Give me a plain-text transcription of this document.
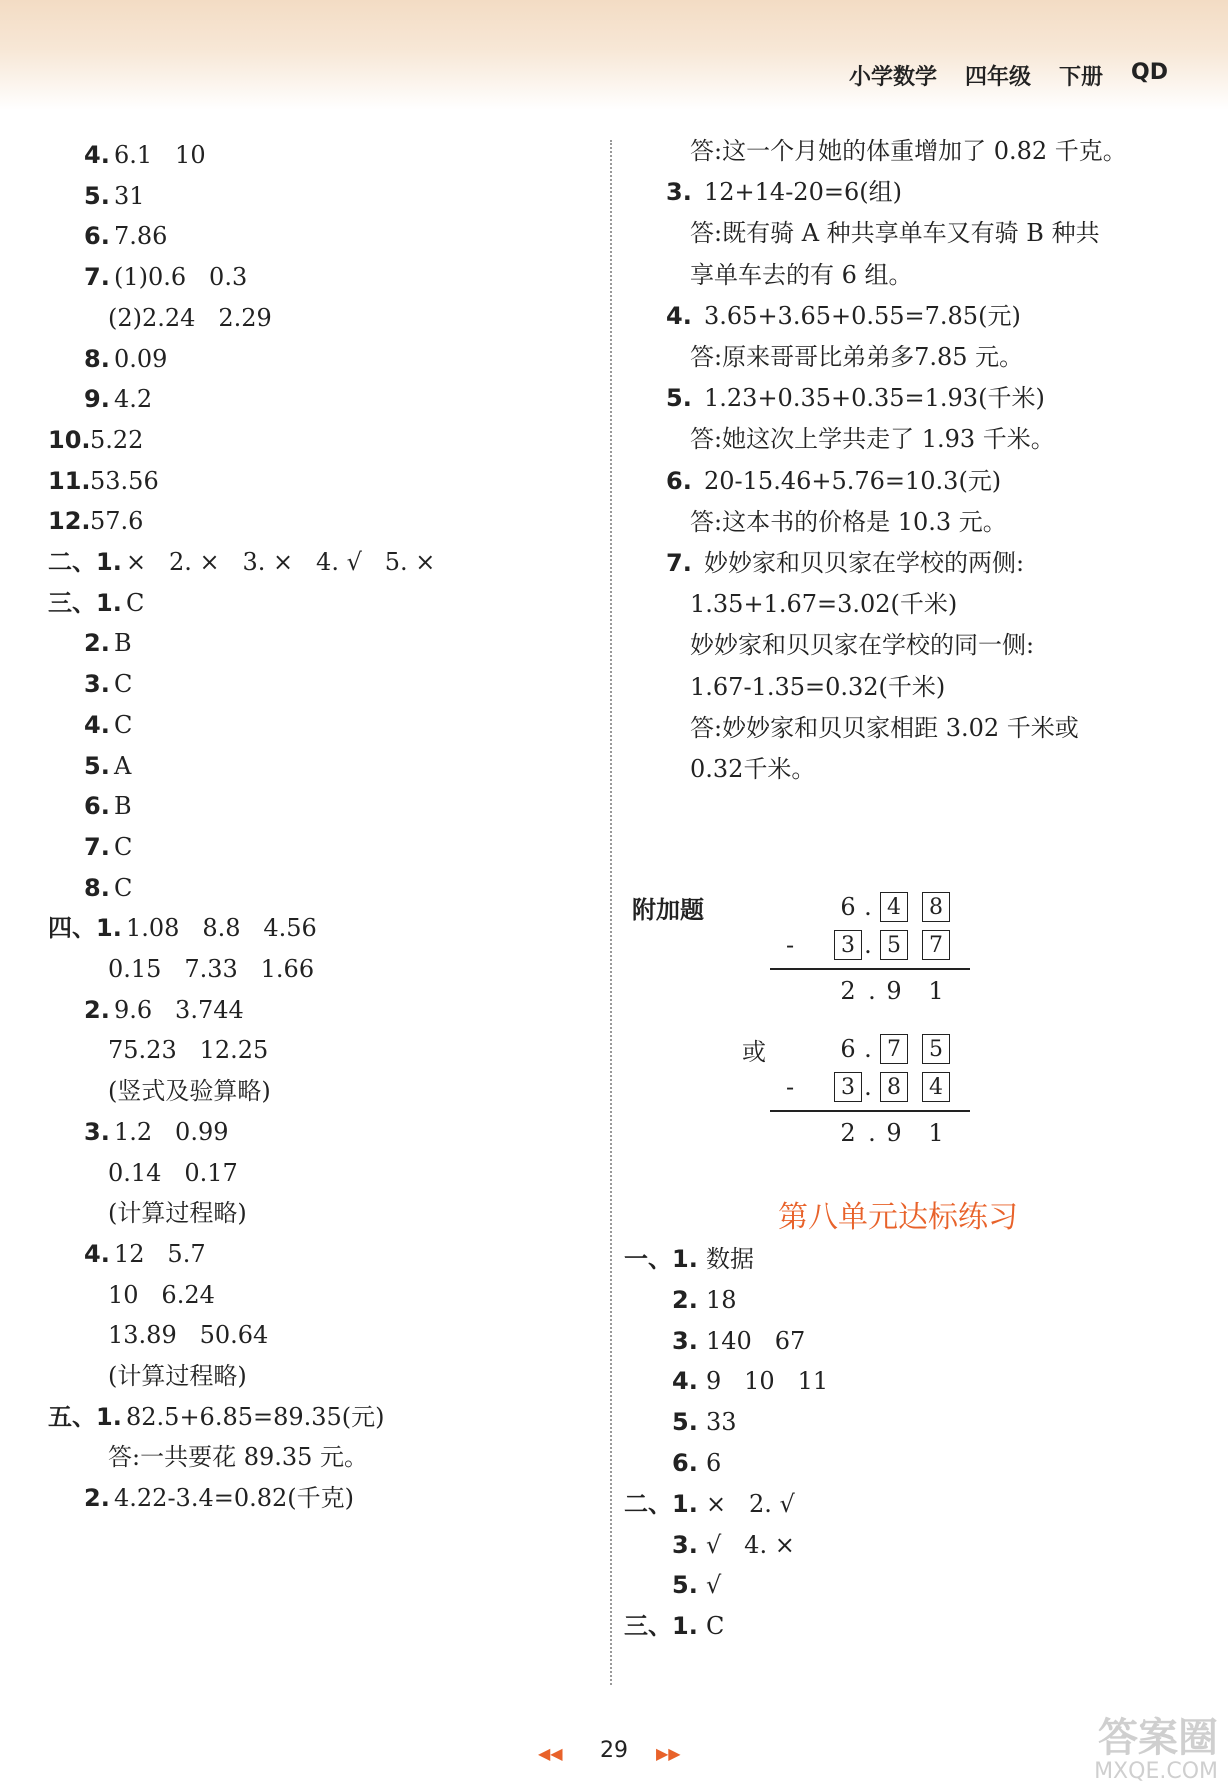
小学数学 四年级 下册 QD
4. 6.1   10
5. 31
6. 7.86
7. (1)0.6   0.3
(2)2.24   2.29
8. 0.09
9. 4.2
10. 5.22
11. 53.56
12. 57.6
二、1. ×   2. ×   3. ×   4. √   5. ×
三、1. C
2. B
3. C
4. C
5. A
6. B
7. C
8. C
四、1. 1.08   8.8   4.56
0.15   7.33   1.66
2. 9.6   3.744
75.23   12.25
(竖式及验算略)
3. 1.2   0.99
0.14   0.17
(计算过程略)
4. 12   5.7
10   6.24
13.89   50.64
(计算过程略)
五、1. 82.5+6.85=89.35(元)
答:一共要花 89.35 元。
2. 4.22-3.4=0.82(千克)
答:这一个月她的体重增加了 0.82 千克。
3. 12+14-20=6(组)
答:既有骑 A 种共享单车又有骑 B 种共
享单车去的有 6 组。
4. 3.65+3.65+0.55=7.85(元)
答:原来哥哥比弟弟多7.85 元。
5. 1.23+0.35+0.35=1.93(千米)
答:她这次上学共走了 1.93 千米。
6. 20-15.46+5.76=10.3(元)
答:这本书的价格是 10.3 元。
7. 妙妙家和贝贝家在学校的两侧:
1.35+1.67=3.02(千米)
妙妙家和贝贝家在学校的同一侧:
1.67-1.35=0.32(千米)
答:妙妙家和贝贝家相距 3.02 千米或
0.32千米。
附加题
或
6 . 4	8
-	3 . 5	7
2 . 9 1
6 . 7	5
-	3 . 8	4
2 . 9 1
第八单元达标练习
一、1. 数据
2. 18
3. 140   67
4. 9   10   11
5. 33
6. 6
二、1. ×   2. √
3. √   4. ×
5. √
三、1. C
◀◀	29	▶▶	答案圈
MXQE.COM
